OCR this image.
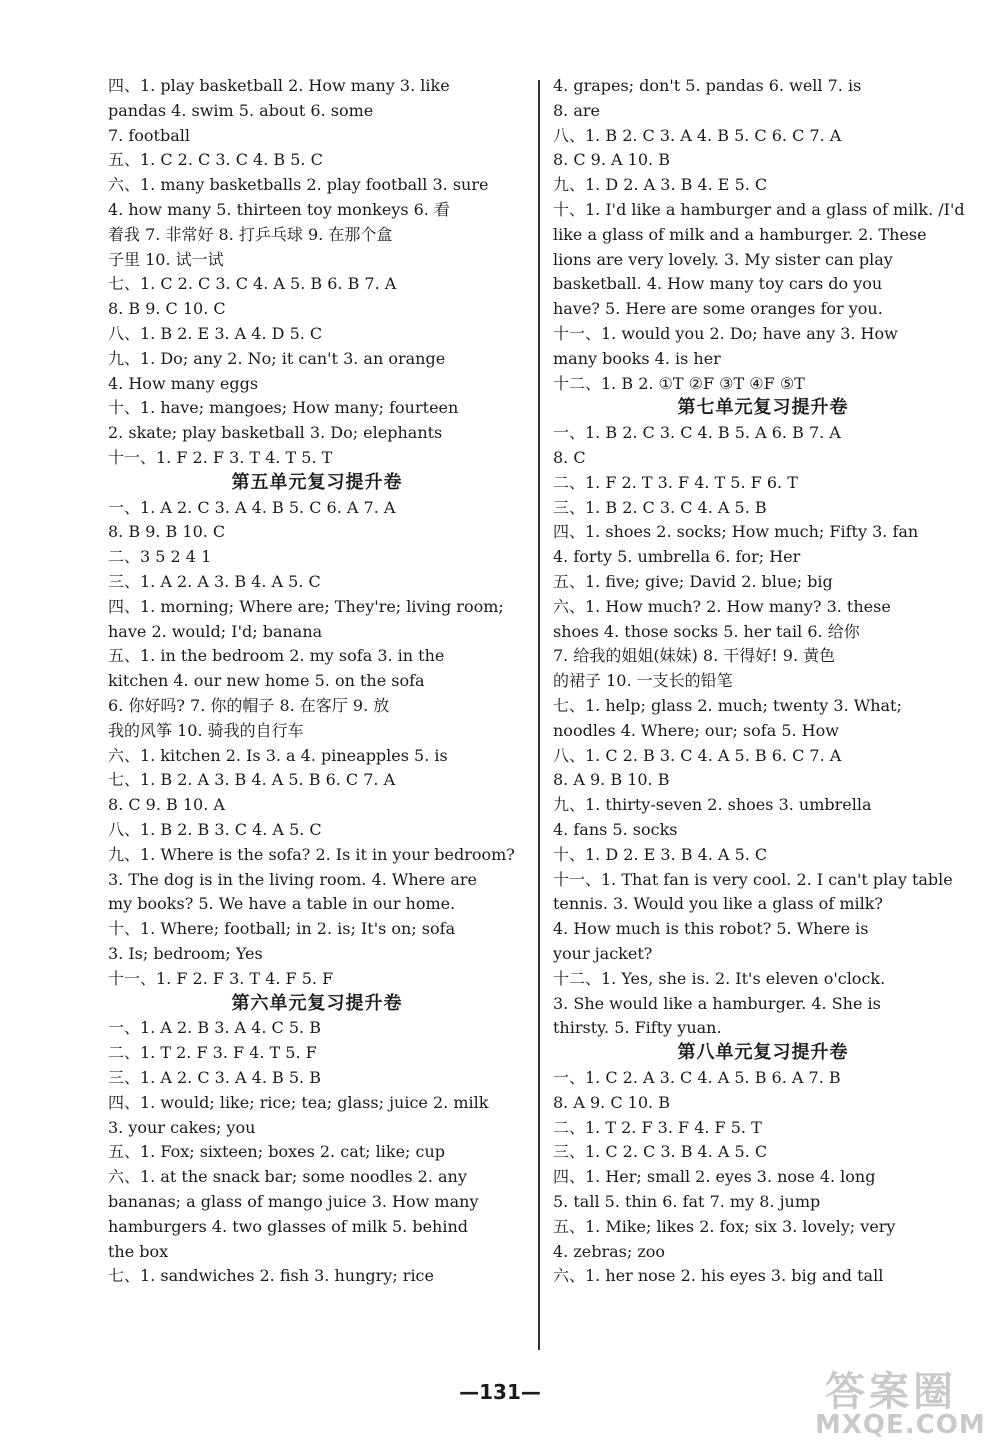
四、1. play basketball 2. How many 3. like
pandas 4. swim 5. about 6. some
7. football
五、1. C 2. C 3. C 4. B 5. C
六、1. many basketballs 2. play football 3. sure
4. how many 5. thirteen toy monkeys 6. 看
着我 7. 非常好 8. 打乒乓球 9. 在那个盒
子里 10. 试一试
七、1. C 2. C 3. C 4. A 5. B 6. B 7. A
8. B 9. C 10. C
八、1. B 2. E 3. A 4. D 5. C
九、1. Do; any 2. No; it can't 3. an orange
4. How many eggs
十、1. have; mangoes; How many; fourteen
2. skate; play basketball 3. Do; elephants
十一、1. F 2. F 3. T 4. T 5. T
第五单元复习提升卷
一、1. A 2. C 3. A 4. B 5. C 6. A 7. A
8. B 9. B 10. C
二、3 5 2 4 1
三、1. A 2. A 3. B 4. A 5. C
四、1. morning; Where are; They're; living room;
have 2. would; I'd; banana
五、1. in the bedroom 2. my sofa 3. in the
kitchen 4. our new home 5. on the sofa
6. 你好吗? 7. 你的帽子 8. 在客厅 9. 放
我的风筝 10. 骑我的自行车
六、1. kitchen 2. Is 3. a 4. pineapples 5. is
七、1. B 2. A 3. B 4. A 5. B 6. C 7. A
8. C 9. B 10. A
八、1. B 2. B 3. C 4. A 5. C
九、1. Where is the sofa? 2. Is it in your bedroom?
3. The dog is in the living room. 4. Where are
my books? 5. We have a table in our home.
十、1. Where; football; in 2. is; It's on; sofa
3. Is; bedroom; Yes
十一、1. F 2. F 3. T 4. F 5. F
第六单元复习提升卷
一、1. A 2. B 3. A 4. C 5. B
二、1. T 2. F 3. F 4. T 5. F
三、1. A 2. C 3. A 4. B 5. B
四、1. would; like; rice; tea; glass; juice 2. milk
3. your cakes; you
五、1. Fox; sixteen; boxes 2. cat; like; cup
六、1. at the snack bar; some noodles 2. any
bananas; a glass of mango juice 3. How many
hamburgers 4. two glasses of milk 5. behind
the box
七、1. sandwiches 2. fish 3. hungry; rice
4. grapes; don't 5. pandas 6. well 7. is
8. are
八、1. B 2. C 3. A 4. B 5. C 6. C 7. A
8. C 9. A 10. B
九、1. D 2. A 3. B 4. E 5. C
十、1. I'd like a hamburger and a glass of milk. /I'd
like a glass of milk and a hamburger. 2. These
lions are very lovely. 3. My sister can play
basketball. 4. How many toy cars do you
have? 5. Here are some oranges for you.
十一、1. would you 2. Do; have any 3. How
many books 4. is her
十二、1. B 2. ①T ②F ③T ④F ⑤T
第七单元复习提升卷
一、1. B 2. C 3. C 4. B 5. A 6. B 7. A
8. C
二、1. F 2. T 3. F 4. T 5. F 6. T
三、1. B 2. C 3. C 4. A 5. B
四、1. shoes 2. socks; How much; Fifty 3. fan
4. forty 5. umbrella 6. for; Her
五、1. five; give; David 2. blue; big
六、1. How much? 2. How many? 3. these
shoes 4. those socks 5. her tail 6. 给你
7. 给我的姐姐(妹妹) 8. 干得好! 9. 黄色
的裙子 10. 一支长的铅笔
七、1. help; glass 2. much; twenty 3. What;
noodles 4. Where; our; sofa 5. How
八、1. C 2. B 3. C 4. A 5. B 6. C 7. A
8. A 9. B 10. B
九、1. thirty-seven 2. shoes 3. umbrella
4. fans 5. socks
十、1. D 2. E 3. B 4. A 5. C
十一、1. That fan is very cool. 2. I can't play table
tennis. 3. Would you like a glass of milk?
4. How much is this robot? 5. Where is
your jacket?
十二、1. Yes, she is. 2. It's eleven o'clock.
3. She would like a hamburger. 4. She is
thirsty. 5. Fifty yuan.
第八单元复习提升卷
一、1. C 2. A 3. C 4. A 5. B 6. A 7. B
8. A 9. C 10. B
二、1. T 2. F 3. F 4. F 5. T
三、1. C 2. C 3. B 4. A 5. C
四、1. Her; small 2. eyes 3. nose 4. long
5. tall 5. thin 6. fat 7. my 8. jump
五、1. Mike; likes 2. fox; six 3. lovely; very
4. zebras; zoo
六、1. her nose 2. his eyes 3. big and tall
—131—	答案圈
MXQE.COM
